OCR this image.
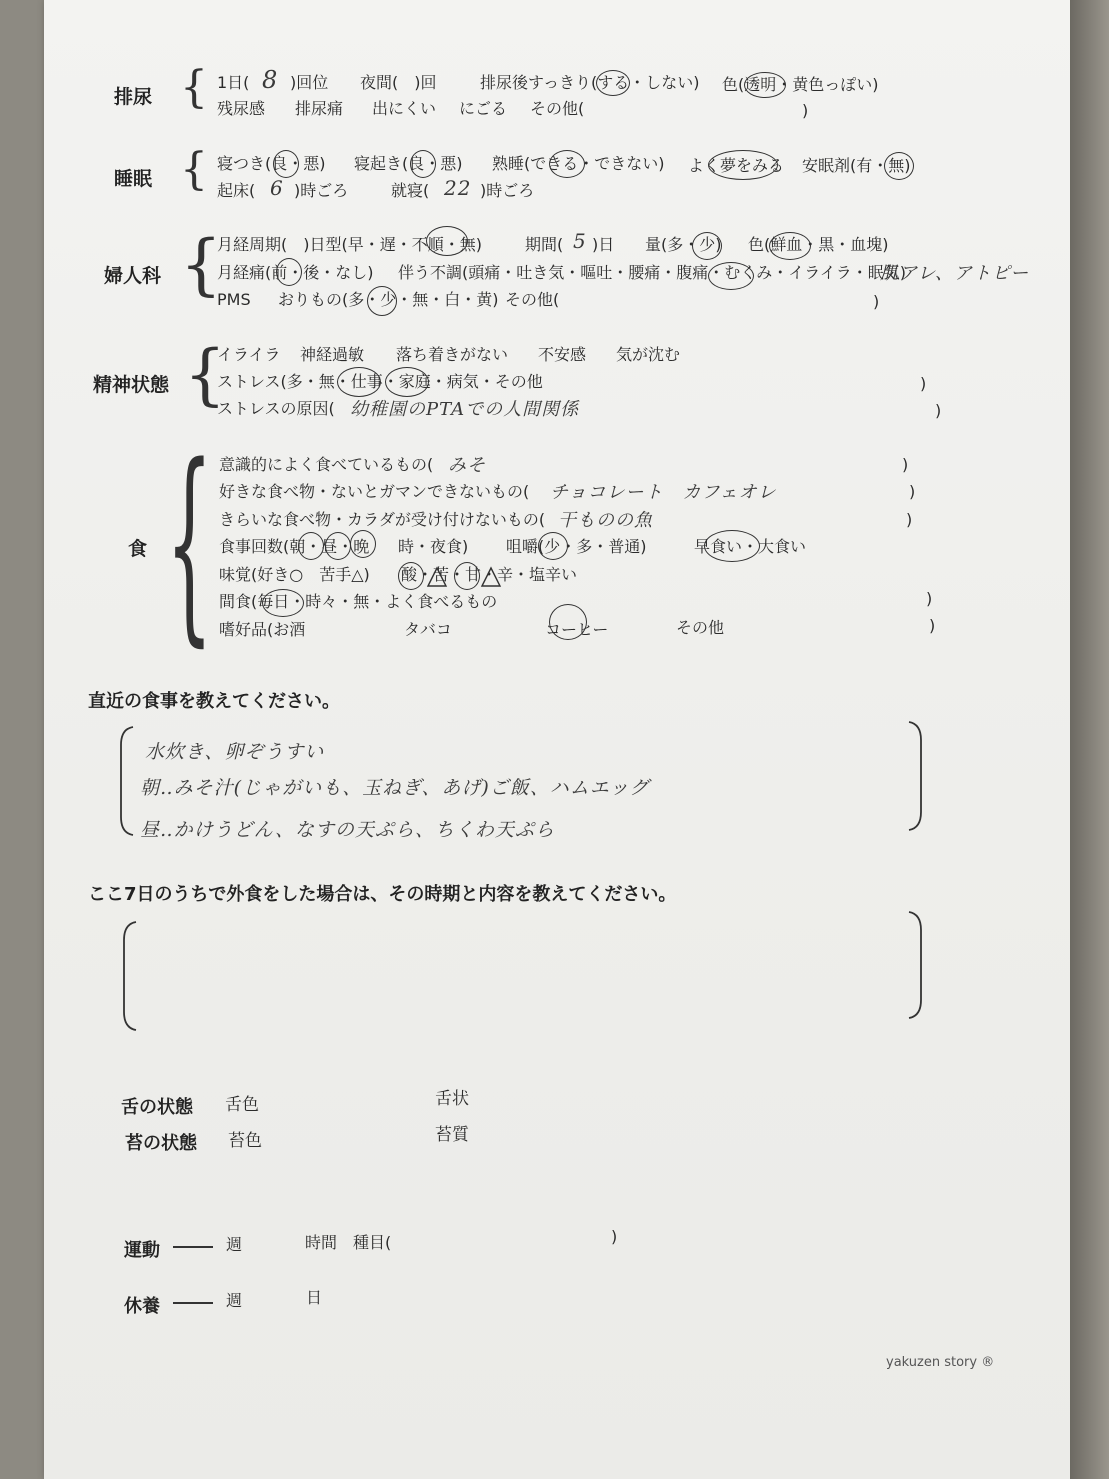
排尿 { 1日( 8 )回位 夜間(　)回	排尿後すっきり(する・しない) 色(透明・黄色っぽい)
残尿感 排尿痛 出にくい にごる その他(	)
睡眠 { 寝つき(良・悪) 寝起き(良・悪) 熟睡(できる・できない) よく夢をみる 安眠剤(有・無)
起床( 6 )時ごろ	就寝( 22 )時ごろ
婦人科 {
月経周期(　)日型(早・遅・不順・無)	期間( 5 )日 量(多・少) 色(鮮血・黒・血塊)
月経痛(前・後・なし) 伴う不調(頭痛・吐き気・嘔吐・腰痛・腹痛・むくみ・イライラ・眠気)
肌アレ、アトピー
PMS おりもの(多・少・無・白・黄) その他(	)
精神状態 {
イライラ 神経過敏 落ち着きがない 不安感 気が沈む
ストレス(多・無・仕事・家庭・病気・その他	)
ストレスの原因( 幼稚園のPTAでの人間関係	)
食 { 意識的によく食べているもの( みそ	)
好きな食べ物・ないとガマンできないもの( チョコレート　カフェオレ	)
きらいな食べ物・カラダが受け付けないもの( 干ものの魚	)
食事回数(朝・昼・晩 時・夜食) 咀嚼(少・多・普通)	早食い・大食い
味覚(好き○　苦手△) 酸・苦・甘・辛・塩辛い
間食(毎日・時々・無・よく食べるもの	)
嗜好品(お酒	タバコ	コーヒー	その他	)
直近の食事を教えてください。
水炊き、卵ぞうすい
朝‥みそ汁(じゃがいも、玉ねぎ、あげ)ご飯、ハムエッグ
昼‥かけうどん、なすの天ぷら、ちくわ天ぷら
ここ7日のうちで外食をした場合は、その時期と内容を教えてください。
舌の状態 舌色	舌状
苔の状態 苔色	苔質
運動	週	時間 種目(	)
休養	週	日
yakuzen story ®
